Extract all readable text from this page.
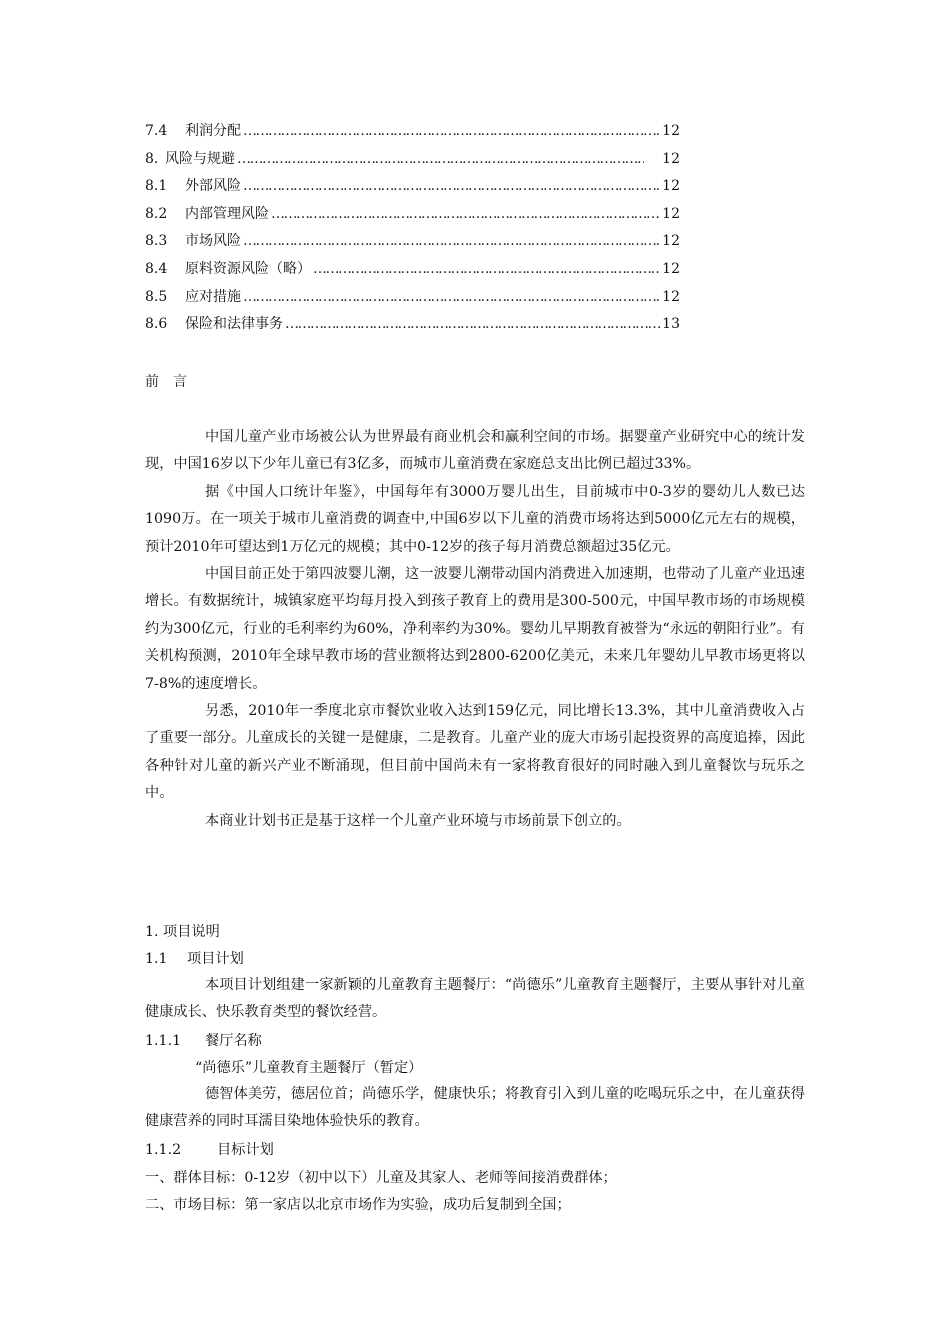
7.4	利润分配 …………………………………………………………………………………………………………………………………………………………………………	12
8. 风险与规避 …………………………………………………………………………………………………………………………………………………………………………	12
8.1	外部风险 …………………………………………………………………………………………………………………………………………………………………………	12
8.2	内部管理风险 …………………………………………………………………………………………………………………………………………………………………………	12
8.3	市场风险 …………………………………………………………………………………………………………………………………………………………………………	12
8.4	原料资源风险（略） …………………………………………………………………………………………………………………………………………………………………………	12
8.5	应对措施 …………………………………………………………………………………………………………………………………………………………………………	12
8.6	保险和法律事务 …………………………………………………………………………………………………………………………………………………………………………	13
前　言

中国儿童产业市场被公认为世界最有商业机会和赢利空间的市场。据婴童产业研究中心的统计发现，中国16岁以下少年儿童已有3亿多，而城市儿童消费在家庭总支出比例已超过33%。

据《中国人口统计年鉴》，中国每年有3000万婴儿出生，目前城市中0-3岁的婴幼儿人数已达1090万。在一项关于城市儿童消费的调查中,中国6岁以下儿童的消费市场将达到5000亿元左右的规模，预计2010年可望达到1万亿元的规模；其中0-12岁的孩子每月消费总额超过35亿元。

中国目前正处于第四波婴儿潮，这一波婴儿潮带动国内消费进入加速期，也带动了儿童产业迅速增长。有数据统计，城镇家庭平均每月投入到孩子教育上的费用是300-500元，中国早教市场的市场规模约为300亿元，行业的毛利率约为60%，净利率约为30%。婴幼儿早期教育被誉为“永远的朝阳行业”。有关机构预测，2010年全球早教市场的营业额将达到2800-6200亿美元，未来几年婴幼儿早教市场更将以7-8%的速度增长。

另悉，2010年一季度北京市餐饮业收入达到159亿元，同比增长13.3%，其中儿童消费收入占了重要一部分。儿童成长的关键一是健康，二是教育。儿童产业的庞大市场引起投资界的高度追捧，因此各种针对儿童的新兴产业不断涌现，但目前中国尚未有一家将教育很好的同时融入到儿童餐饮与玩乐之中。

本商业计划书正是基于这样一个儿童产业环境与市场前景下创立的。

1. 项目说明
1.1 项目计划

本项目计划组建一家新颖的儿童教育主题餐厅：“尚德乐”儿童教育主题餐厅，主要从事针对儿童健康成长、快乐教育类型的餐饮经营。

1.1.1 餐厅名称
“尚德乐”儿童教育主题餐厅（暂定）

德智体美劳，德居位首；尚德乐学，健康快乐；将教育引入到儿童的吃喝玩乐之中，在儿童获得健康营养的同时耳濡目染地体验快乐的教育。

1.1.2	目标计划
一、群体目标：0-12岁（初中以下）儿童及其家人、老师等间接消费群体；
二、市场目标：第一家店以北京市场作为实验，成功后复制到全国；
